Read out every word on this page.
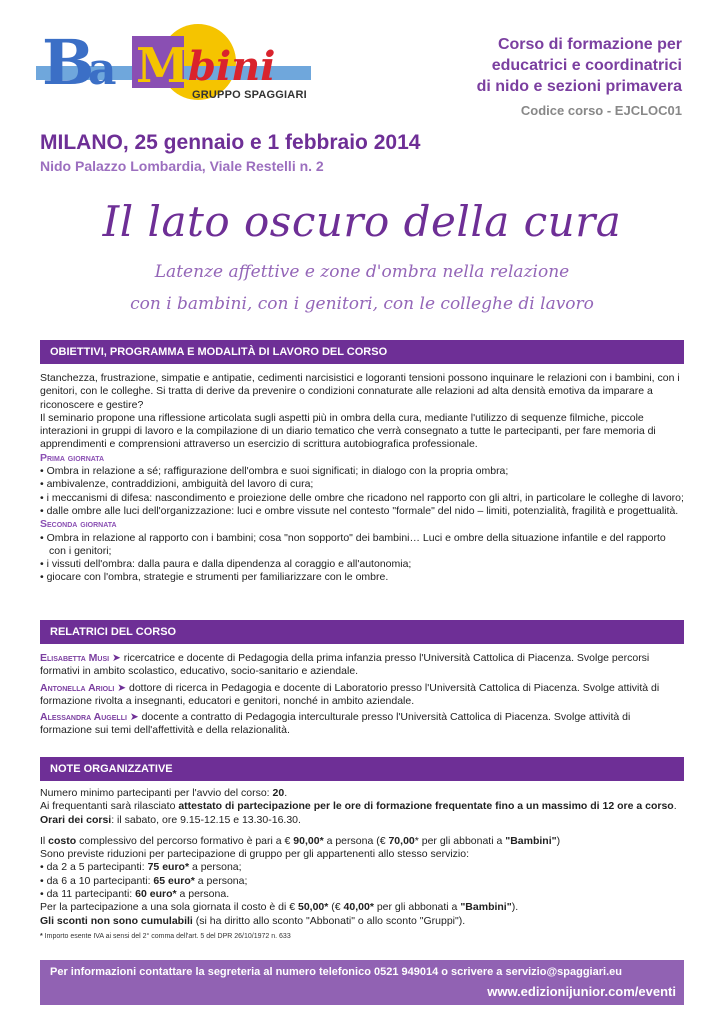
B
a M
bini
GRUPPO SPAGGIARI
Corso di formazione per
educatrici e coordinatrici
di nido e sezioni primavera
Codice corso - EJCLOC01
MILANO, 25 gennaio e 1 febbraio 2014
Nido Palazzo Lombardia, Viale Restelli n. 2
Il lato oscuro della cura
Latenze affettive e zone d'ombra nella relazione
con i bambini, con i genitori, con le colleghe di lavoro
OBIETTIVI, PROGRAMMA E MODALITÀ DI LAVORO DEL CORSO

Stanchezza, frustrazione, simpatie e antipatie, cedimenti narcisistici e logoranti tensioni possono inquinare le relazioni con i bambini, con i genitori, con le colleghe. Si tratta di derive da prevenire o condizioni connaturate alle relazioni ad alta densità emotiva da imparare a riconoscere e gestire?

Il seminario propone una riflessione articolata sugli aspetti più in ombra della cura, mediante l'utilizzo di sequenze filmiche, piccole interazioni in gruppi di lavoro e la compilazione di un diario tematico che verrà consegnato a tutte le partecipanti, per fare memoria di apprendimenti e comprensioni attraverso un esercizio di scrittura autobiografica professionale.

Prima giornata

• Ombra in relazione a sé; raffigurazione dell'ombra e suoi significati; in dialogo con la propria ombra;

• ambivalenze, contraddizioni, ambiguità del lavoro di cura;

• i meccanismi di difesa: nascondimento e proiezione delle ombre che ricadono nel rapporto con gli altri, in particolare le colleghe di lavoro;

• dalle ombre alle luci dell'organizzazione: luci e ombre vissute nel contesto "formale" del nido – limiti, potenzialità, fragilità e progettualità.

Seconda giornata

• Ombra in relazione al rapporto con i bambini; cosa "non sopporto" dei bambini… Luci e ombre della situazione infantile e del rapporto con i genitori;

• i vissuti dell'ombra: dalla paura e dalla dipendenza al coraggio e all'autonomia;

• giocare con l'ombra, strategie e strumenti per familiarizzare con le ombre.

RELATRICI DEL CORSO

Elisabetta Musi ➤ ricercatrice e docente di Pedagogia della prima infanzia presso l'Università Cattolica di Piacenza. Svolge percorsi formativi in ambito scolastico, educativo, socio-sanitario e aziendale.

Antonella Arioli ➤ dottore di ricerca in Pedagogia e docente di Laboratorio presso l'Università Cattolica di Piacenza. Svolge attività di formazione rivolta a insegnanti, educatori e genitori, nonché in ambito aziendale.

Alessandra Augelli ➤ docente a contratto di Pedagogia interculturale presso l'Università Cattolica di Piacenza. Svolge attività di formazione sui temi dell'affettività e della relazionalità.

NOTE ORGANIZZATIVE

Numero minimo partecipanti per l'avvio del corso: 20.

Ai frequentanti sarà rilasciato attestato di partecipazione per le ore di formazione frequentate fino a un massimo di 12 ore a corso.

Orari dei corsi: il sabato, ore 9.15-12.15 e 13.30-16.30.

Il costo complessivo del percorso formativo è pari a € 90,00* a persona (€ 70,00* per gli abbonati a "Bambini")

Sono previste riduzioni per partecipazione di gruppo per gli appartenenti allo stesso servizio:

• da 2 a 5 partecipanti: 75 euro* a persona;

• da 6 a 10 partecipanti: 65 euro* a persona;

• da 11 partecipanti: 60 euro* a persona.

Per la partecipazione a una sola giornata il costo è di € 50,00* (€ 40,00* per gli abbonati a "Bambini").

Gli sconti non sono cumulabili (si ha diritto allo sconto "Abbonati" o allo sconto "Gruppi").

* Importo esente IVA ai sensi del 2° comma dell'art. 5 del DPR 26/10/1972 n. 633

Per informazioni contattare la segreteria al numero telefonico 0521 949014 o scrivere a servizio@spaggiari.eu
www.edizionijunior.com/eventi
